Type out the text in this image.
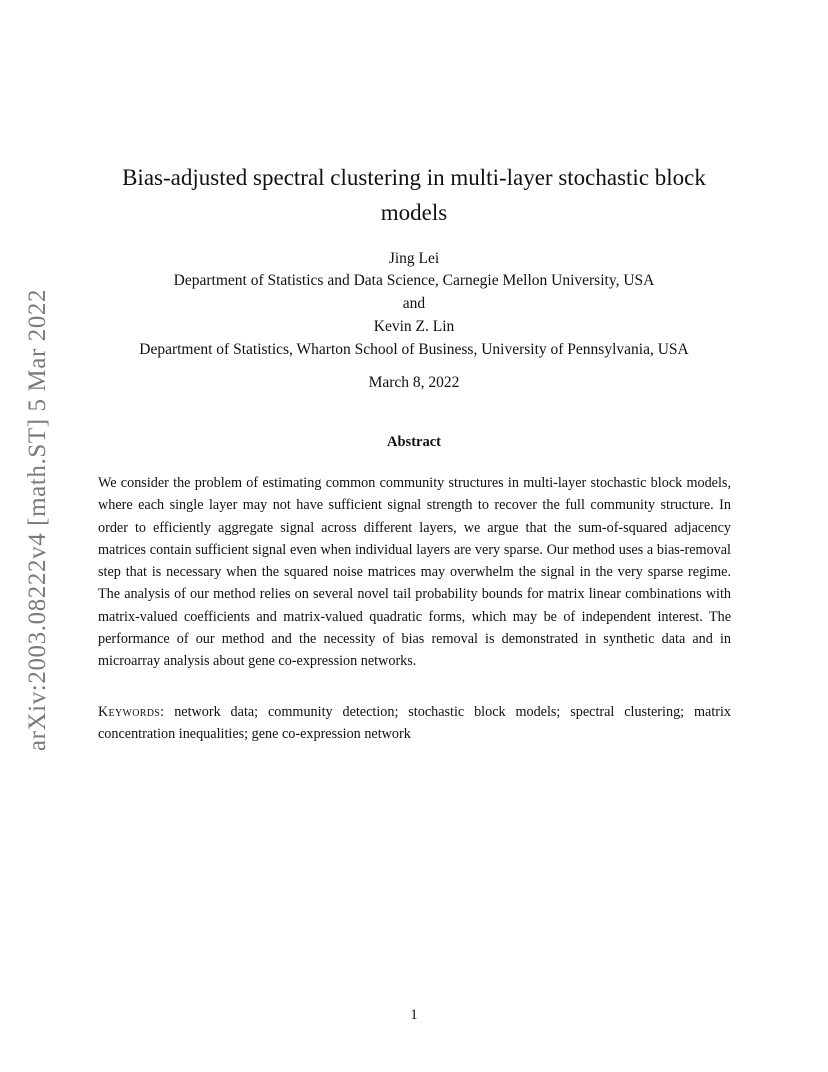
arXiv:2003.08222v4 [math.ST] 5 Mar 2022
Bias-adjusted spectral clustering in multi-layer stochastic block
models
Jing Lei
Department of Statistics and Data Science, Carnegie Mellon University, USA
and
Kevin Z. Lin
Department of Statistics, Wharton School of Business, University of Pennsylvania, USA
March 8, 2022
Abstract
We consider the problem of estimating common community structures in multi-layer stochastic block models, where each single layer may not have sufficient signal strength to recover the full community structure. In order to efficiently aggregate signal across different layers, we argue that the sum-of-squared adjacency matrices contain sufficient signal even when individual layers are very sparse. Our method uses a bias-removal step that is necessary when the squared noise matrices may overwhelm the signal in the very sparse regime. The analysis of our method relies on several novel tail probability bounds for matrix linear combinations with matrix-valued coefficients and matrix-valued quadratic forms, which may be of independent interest. The performance of our method and the necessity of bias removal is demonstrated in synthetic data and in microarray analysis about gene co-expression networks.
Keywords: network data; community detection; stochastic block models; spectral clustering; matrix concentration inequalities; gene co-expression network
1
